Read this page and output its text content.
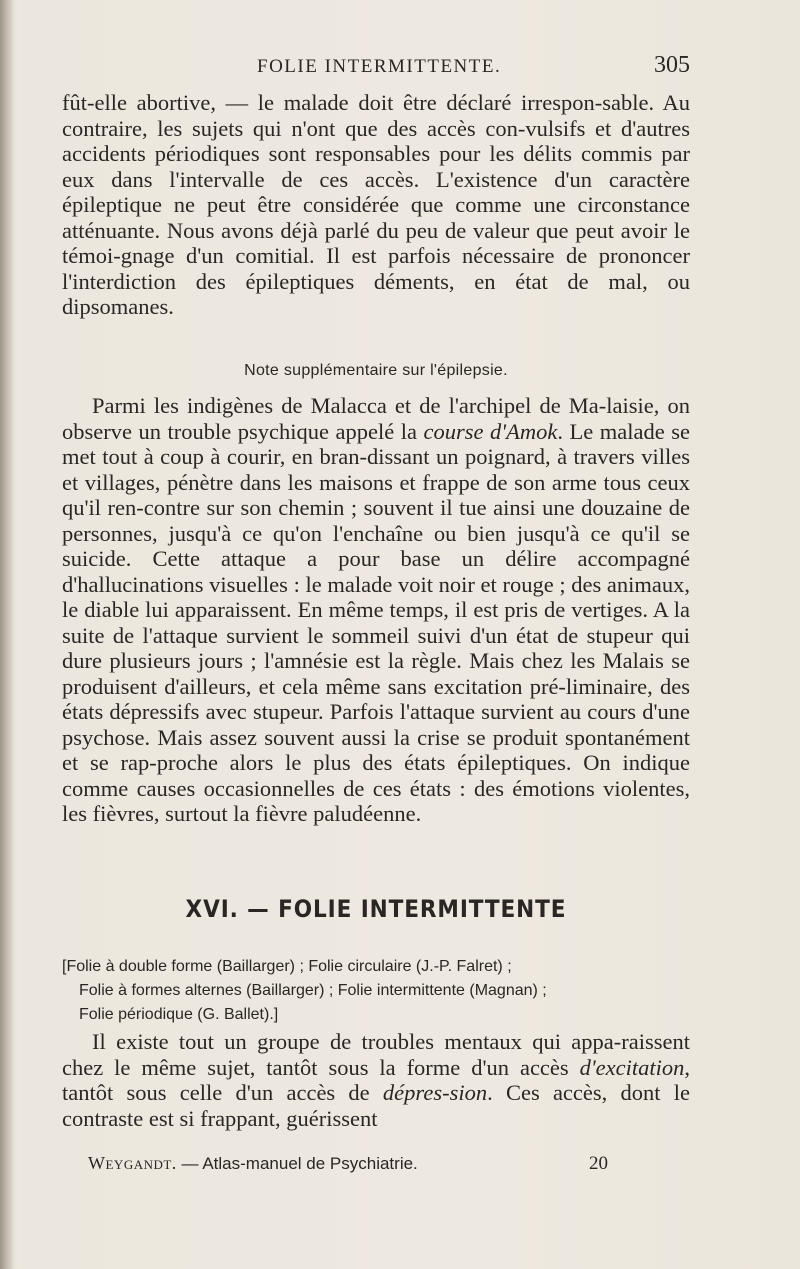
FOLIE INTERMITTENTE.	305

fût-elle abortive, — le malade doit être déclaré irrespon-sable. Au contraire, les sujets qui n'ont que des accès con-vulsifs et d'autres accidents périodiques sont responsables pour les délits commis par eux dans l'intervalle de ces accès. L'existence d'un caractère épileptique ne peut être considérée que comme une circonstance atténuante. Nous avons déjà parlé du peu de valeur que peut avoir le témoi-gnage d'un comitial. Il est parfois nécessaire de prononcer l'interdiction des épileptiques déments, en état de mal, ou dipsomanes.

Note supplémentaire sur l'épilepsie.

Parmi les indigènes de Malacca et de l'archipel de Ma-laisie, on observe un trouble psychique appelé la course d'Amok. Le malade se met tout à coup à courir, en bran-dissant un poignard, à travers villes et villages, pénètre dans les maisons et frappe de son arme tous ceux qu'il ren-contre sur son chemin ; souvent il tue ainsi une douzaine de personnes, jusqu'à ce qu'on l'enchaîne ou bien jusqu'à ce qu'il se suicide. Cette attaque a pour base un délire accompagné d'hallucinations visuelles : le malade voit noir et rouge ; des animaux, le diable lui apparaissent. En même temps, il est pris de vertiges. A la suite de l'attaque survient le sommeil suivi d'un état de stupeur qui dure plusieurs jours ; l'amnésie est la règle. Mais chez les Malais se produisent d'ailleurs, et cela même sans excitation pré-liminaire, des états dépressifs avec stupeur. Parfois l'attaque survient au cours d'une psychose. Mais assez souvent aussi la crise se produit spontanément et se rap-proche alors le plus des états épileptiques. On indique comme causes occasionnelles de ces états : des émotions violentes, les fièvres, surtout la fièvre paludéenne.

XVI. — FOLIE INTERMITTENTE

[Folie à double forme (Baillarger) ; Folie circulaire (J.-P. Falret) ;
Folie à formes alternes (Baillarger) ; Folie intermittente (Magnan) ;
Folie périodique (G. Ballet).]

Il existe tout un groupe de troubles mentaux qui appa-raissent chez le même sujet, tantôt sous la forme d'un accès d'excitation, tantôt sous celle d'un accès de dépres-sion. Ces accès, dont le contraste est si frappant, guérissent

Weygandt. — Atlas-manuel de Psychiatrie.	20
